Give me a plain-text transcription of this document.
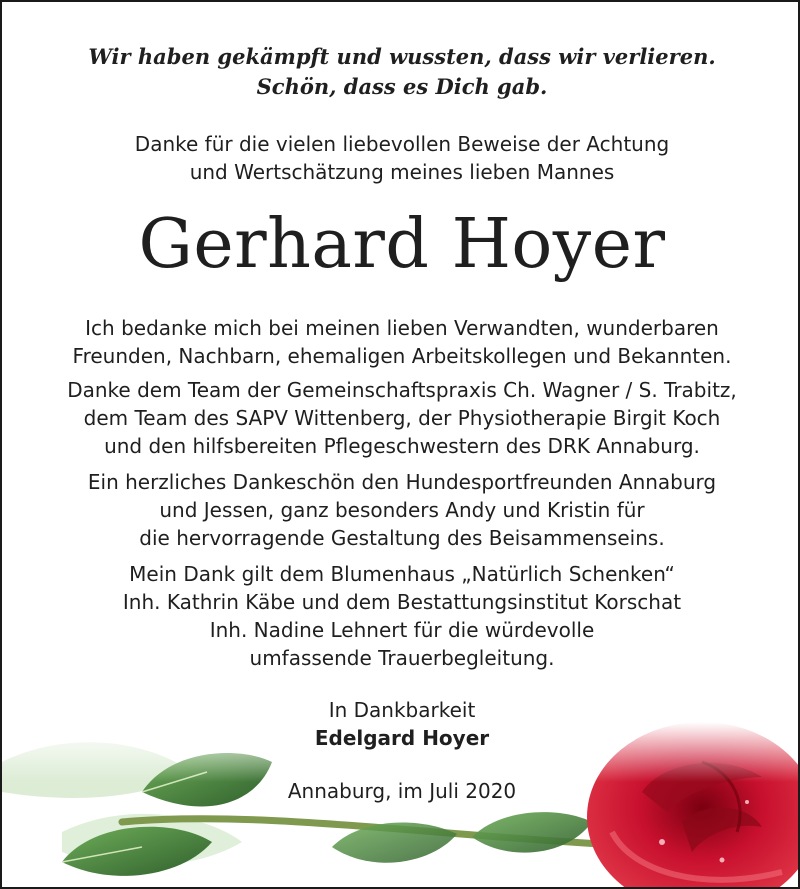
Wir haben gekämpft und wussten, dass wir verlieren.
Schön, dass es Dich gab.
Danke für die vielen liebevollen Beweise der Achtung
und Wertschätzung meines lieben Mannes
Gerhard Hoyer
Ich bedanke mich bei meinen lieben Verwandten, wunderbaren
Freunden, Nachbarn, ehemaligen Arbeitskollegen und Bekannten.
Danke dem Team der Gemeinschaftspraxis Ch. Wagner / S. Trabitz,
dem Team des SAPV Wittenberg, der Physiotherapie Birgit Koch
und den hilfsbereiten Pflegeschwestern des DRK Annaburg.
Ein herzliches Dankeschön den Hundesportfreunden Annaburg
und Jessen, ganz besonders Andy und Kristin für
die hervorragende Gestaltung des Beisammenseins.
Mein Dank gilt dem Blumenhaus „Natürlich Schenken“
Inh. Kathrin Käbe und dem Bestattungsinstitut Korschat
Inh. Nadine Lehnert für die würdevolle
umfassende Trauerbegleitung.
In Dankbarkeit
Edelgard Hoyer
Annaburg, im Juli 2020
